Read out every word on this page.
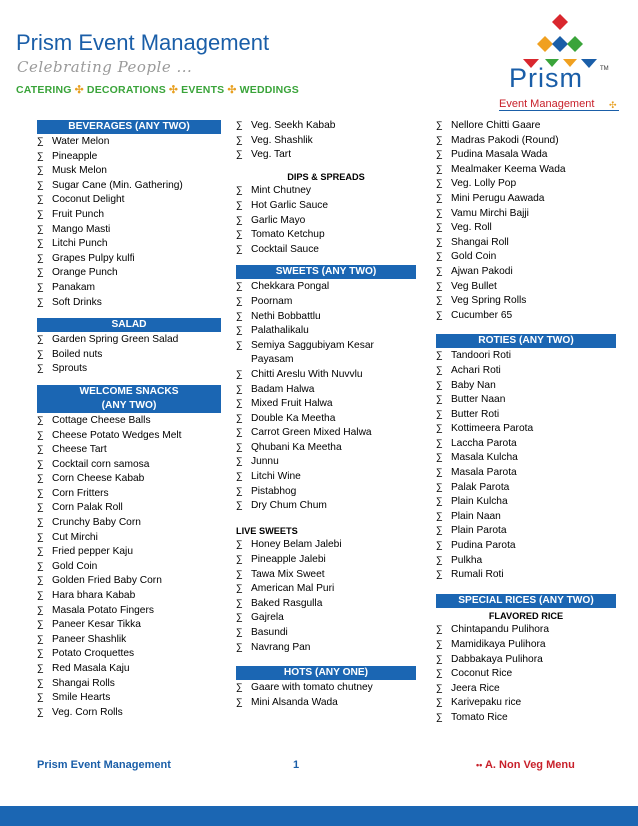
Prism Event Management
Celebrating People ...
CATERING ✣ DECORATIONS ✣ EVENTS ✣ WEDDINGS	Prism	TM
Event Management ✣
BEVERAGES (ANY TWO)
∑ Water Melon
∑ Pineapple
∑ Musk Melon
∑ Sugar Cane (Min. Gathering)
∑ Coconut Delight
∑ Fruit Punch
∑ Mango Masti
∑ Litchi Punch
∑ Grapes Pulpy kulfi
∑ Orange Punch
∑ Panakam
∑ Soft Drinks
SALAD
∑ Garden Spring Green Salad
∑ Boiled nuts
∑ Sprouts
WELCOME SNACKS
(ANY TWO)
∑ Cottage Cheese Balls
∑ Cheese Potato Wedges Melt
∑ Cheese Tart
∑ Cocktail corn samosa
∑ Corn Cheese Kabab
∑ Corn Fritters
∑ Corn Palak Roll
∑ Crunchy Baby Corn
∑ Cut Mirchi
∑ Fried pepper Kaju
∑ Gold Coin
∑ Golden Fried Baby Corn
∑ Hara bhara Kabab
∑ Masala Potato Fingers
∑ Paneer Kesar Tikka
∑ Paneer Shashlik
∑ Potato Croquettes
∑ Red Masala Kaju
∑ Shangai Rolls
∑ Smile Hearts
∑ Veg. Corn Rolls
∑ Veg. Seekh Kabab
∑ Veg. Shashlik
∑ Veg. Tart
DIPS & SPREADS
∑ Mint Chutney
∑ Hot Garlic Sauce
∑ Garlic Mayo
∑ Tomato Ketchup
∑ Cocktail Sauce
SWEETS (ANY TWO)
∑ Chekkara Pongal
∑ Poornam
∑ Nethi Bobbattlu
∑ Palathalikalu
∑ Semiya Saggubiyam Kesar Payasam
∑ Chitti Areslu With Nuvvlu
∑ Badam Halwa
∑ Mixed Fruit Halwa
∑ Double Ka Meetha
∑ Carrot Green Mixed Halwa
∑ Qhubani Ka Meetha
∑ Junnu
∑ Litchi Wine
∑ Pistabhog
∑ Dry Chum Chum
LIVE SWEETS
∑ Honey Belam Jalebi
∑ Pineapple Jalebi
∑ Tawa Mix Sweet
∑ American Mal Puri
∑ Baked Rasgulla
∑ Gajrela
∑ Basundi
∑ Navrang Pan
HOTS (ANY ONE)
∑ Gaare with tomato chutney
∑ Mini Alsanda Wada
∑ Nellore Chitti Gaare
∑ Madras Pakodi (Round)
∑ Pudina Masala Wada
∑ Mealmaker Keema Wada
∑ Veg. Lolly Pop
∑ Mini Perugu Aawada
∑ Vamu Mirchi Bajji
∑ Veg. Roll
∑ Shangai Roll
∑ Gold Coin
∑ Ajwan Pakodi
∑ Veg Bullet
∑ Veg Spring Rolls
∑ Cucumber 65
ROTIES (ANY TWO)
∑ Tandoori Roti
∑ Achari Roti
∑ Baby Nan
∑ Butter Naan
∑ Butter Roti
∑ Kottimeera Parota
∑ Laccha Parota
∑ Masala Kulcha
∑ Masala Parota
∑ Palak Parota
∑ Plain Kulcha
∑ Plain Naan
∑ Plain Parota
∑ Pudina Parota
∑ Pulkha
∑ Rumali Roti
SPECIAL RICES (ANY TWO)
FLAVORED RICE
∑ Chintapandu Pulihora
∑ Mamidikaya Pulihora
∑ Dabbakaya Pulihora
∑ Coconut Rice
∑ Jeera Rice
∑ Karivepaku rice
∑ Tomato Rice
Prism Event Management	1	•• A. Non Veg Menu
